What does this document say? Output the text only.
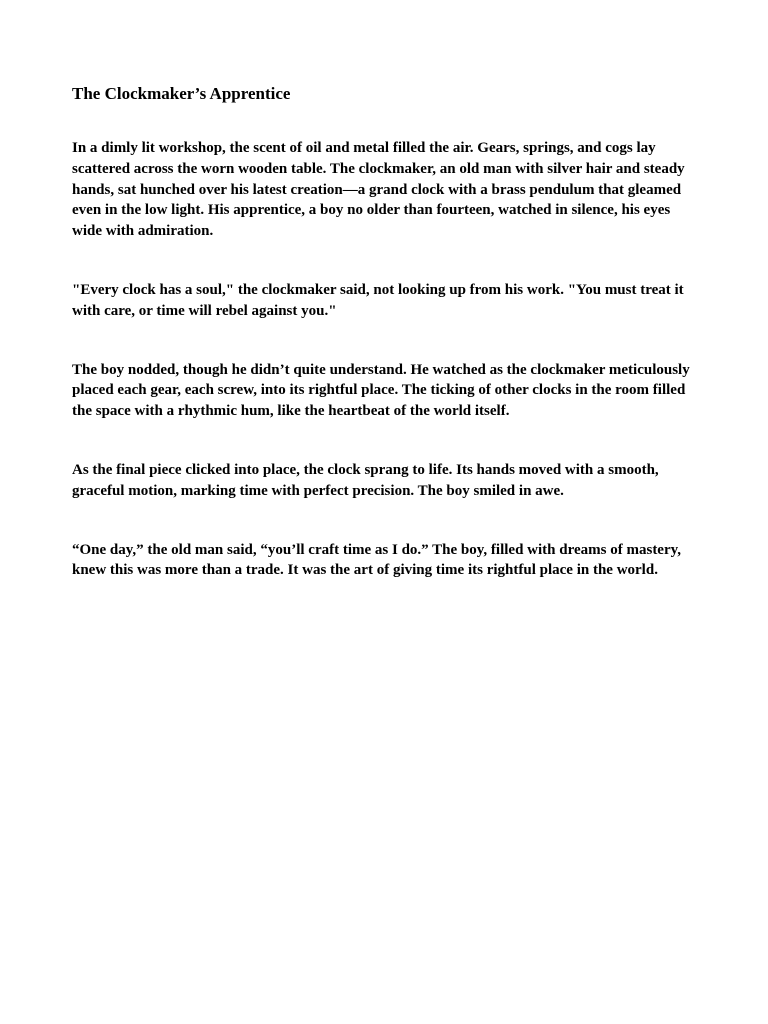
The Clockmaker’s Apprentice

In a dimly lit workshop, the scent of oil and metal filled the air. Gears, springs, and cogs lay scattered across the worn wooden table. The clockmaker, an old man with silver hair and steady hands, sat hunched over his latest creation—a grand clock with a brass pendulum that gleamed even in the low light. His apprentice, a boy no older than fourteen, watched in silence, his eyes wide with admiration.

"Every clock has a soul," the clockmaker said, not looking up from his work. "You must treat it with care, or time will rebel against you."

The boy nodded, though he didn’t quite understand. He watched as the clockmaker meticulously placed each gear, each screw, into its rightful place. The ticking of other clocks in the room filled the space with a rhythmic hum, like the heartbeat of the world itself.

As the final piece clicked into place, the clock sprang to life. Its hands moved with a smooth, graceful motion, marking time with perfect precision. The boy smiled in awe.

“One day,” the old man said, “you’ll craft time as I do.” The boy, filled with dreams of mastery, knew this was more than a trade. It was the art of giving time its rightful place in the world.
